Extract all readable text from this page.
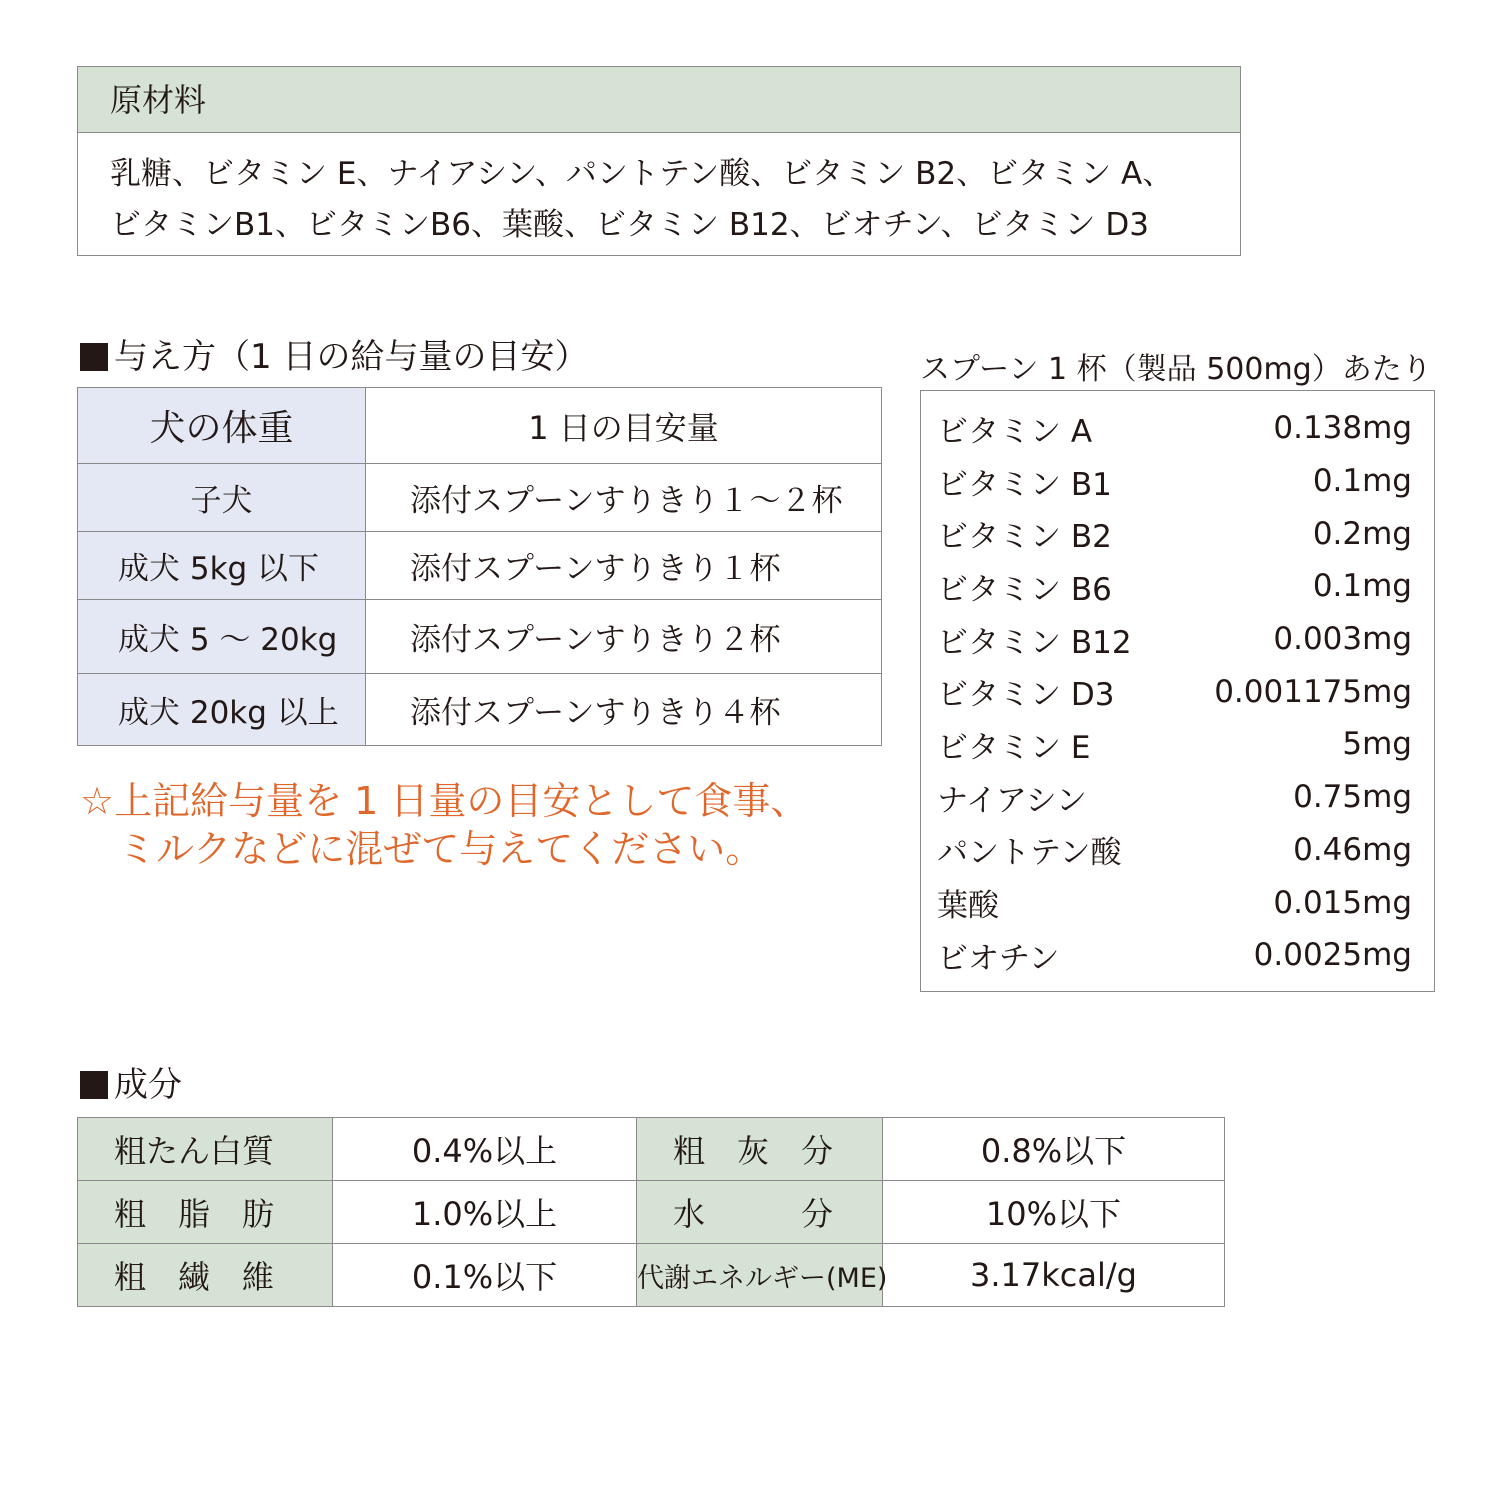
原材料
乳糖、ビタミン E、ナイアシン、パントテン酸、ビタミン B2、ビタミン A、
ビタミンB1、ビタミンB6、葉酸、ビタミン B12、ビオチン、ビタミン D3
与え方（1 日の給与量の目安）
犬の体重	1 日の目安量
子犬	添付スプーンすりきり１～２杯
成犬 5kg 以下	添付スプーンすりきり１杯
成犬 5 ～ 20kg	添付スプーンすりきり２杯
成犬 20kg 以上	添付スプーンすりきり４杯
☆上記給与量を 1 日量の目安として食事、
ミルクなどに混ぜて与えてください。
スプーン 1 杯（製品 500mg）あたり
ビタミン A	0.138mg
ビタミン B1	0.1mg
ビタミン B2	0.2mg
ビタミン B6	0.1mg
ビタミン B12	0.003mg
ビタミン D3	0.001175mg
ビタミン E	5mg
ナイアシン	0.75mg
パントテン酸	0.46mg
葉酸	0.015mg
ビオチン	0.0025mg
成分
粗たん白質	0.4%以上	粗　灰　分	0.8%以下
粗　脂　肪	1.0%以上	水　　　分	10%以下
粗　繊　維	0.1%以下	代謝エネルギー(ME)	3.17kcal/g
